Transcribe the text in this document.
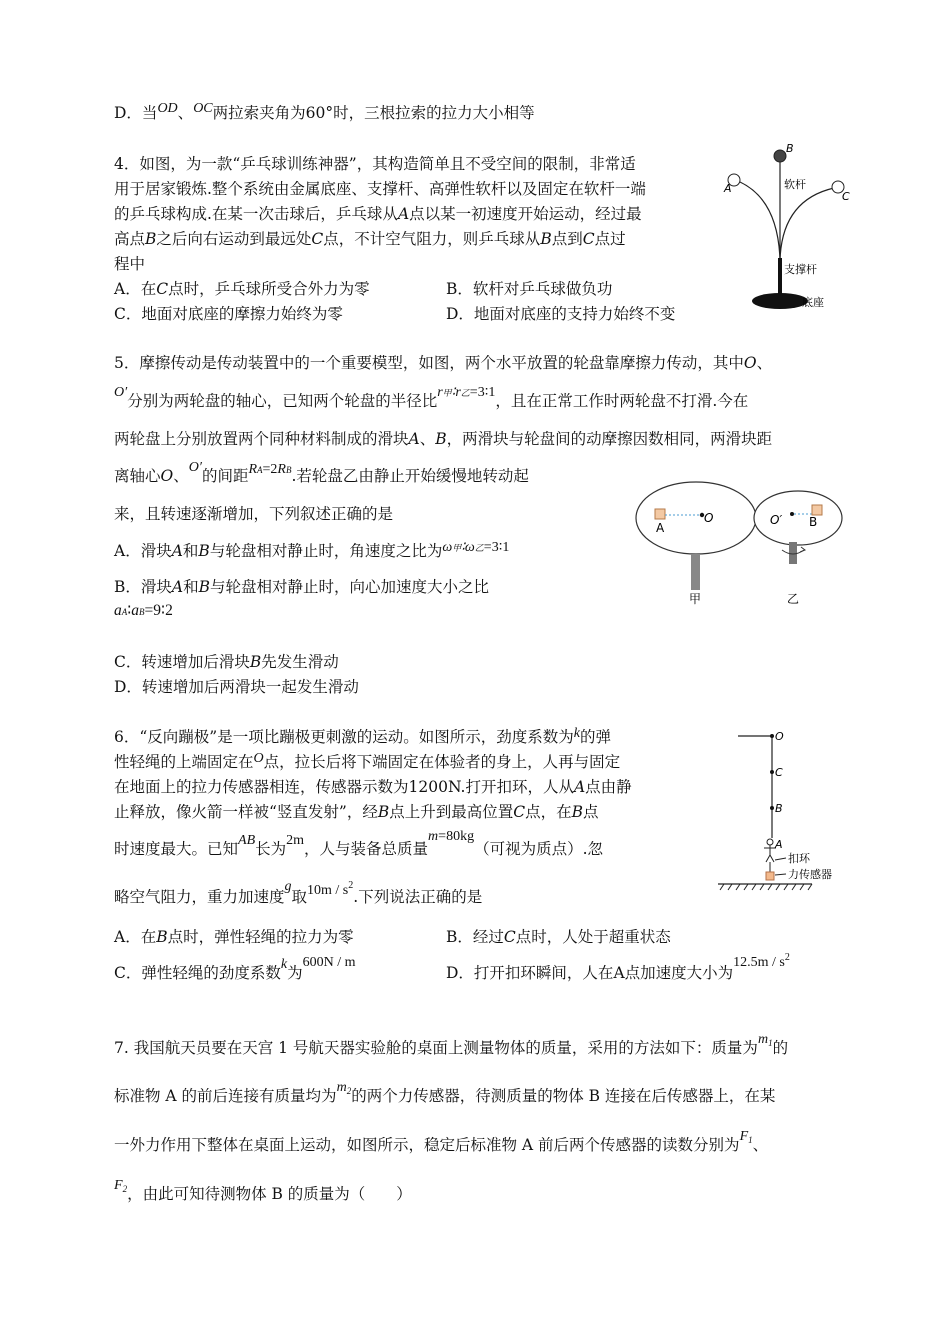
D．当OD、OC两拉索夹角为60°时，三根拉索的拉力大小相等
4．如图，为一款“乒乓球训练神器”，其构造简单且不受空间的限制，非常适
用于居家锻炼.整个系统由金属底座、支撑杆、高弹性软杆以及固定在软杆一端
的乒乓球构成.在某一次击球后，乒乓球从A点以某一初速度开始运动，经过最
高点B之后向右运动到最远处C点，不计空气阻力，则乒乓球从B点到C点过
程中
A．在C点时，乒乓球所受合外力为零	B．软杆对乒乓球做负功
C．地面对底座的摩擦力始终为零	D．地面对底座的支持力始终不变
A
B
C
软杆
支撑杆
底座
5．摩擦传动是传动装置中的一个重要模型，如图，两个水平放置的轮盘靠摩擦力传动，其中O、
O′分别为两轮盘的轴心，已知两个轮盘的半径比r甲∶r乙=3∶1，且在正常工作时两轮盘不打滑.今在
两轮盘上分别放置两个同种材料制成的滑块A、B，两滑块与轮盘间的动摩擦因数相同，两滑块距
离轴心O、O′的间距RA=2RB.若轮盘乙由静止开始缓慢地转动起
来，且转速逐渐增加，下列叙述正确的是
A．滑块A和B与轮盘相对静止时，角速度之比为ω甲∶ω乙=3∶1
B．滑块A和B与轮盘相对静止时，向心加速度大小之比
aA∶aB=9∶2
C．转速增加后滑块B先发生滑动
D．转速增加后两滑块一起发生滑动
A
O	O′ B
甲	乙
6．“反向蹦极”是一项比蹦极更刺激的运动。如图所示，劲度系数为k的弹
性轻绳的上端固定在O点，拉长后将下端固定在体验者的身上，人再与固定
在地面上的拉力传感器相连，传感器示数为1200N.打开扣环，人从A点由静
止释放，像火箭一样被“竖直发射”，经B点上升到最高位置C点，在B点
时速度最大。已知AB长为2m，人与装备总质量m=80kg（可视为质点）.忽
略空气阻力，重力加速度g取$10m / s^2$.下列说法正确的是
A．在B点时，弹性轻绳的拉力为零	B．经过C点时，人处于超重状态
C．弹性轻绳的劲度系数k为600N / m
D．打开扣环瞬间，人在A点加速度大小为$12.5m / s^2$
O
C
B
A
扣环
力传感器
7. 我国航天员要在天宫 1 号航天器实验舱的桌面上测量物体的质量，采用的方法如下：质量为$m_1$的
标准物 A 的前后连接有质量均为$m_2$的两个力传感器，待测质量的物体 B 连接在后传感器上，在某
一外力作用下整体在桌面上运动，如图所示，稳定后标准物 A 前后两个传感器的读数分别为$F_1$、
$F_2$，由此可知待测物体 B 的质量为（　　）
